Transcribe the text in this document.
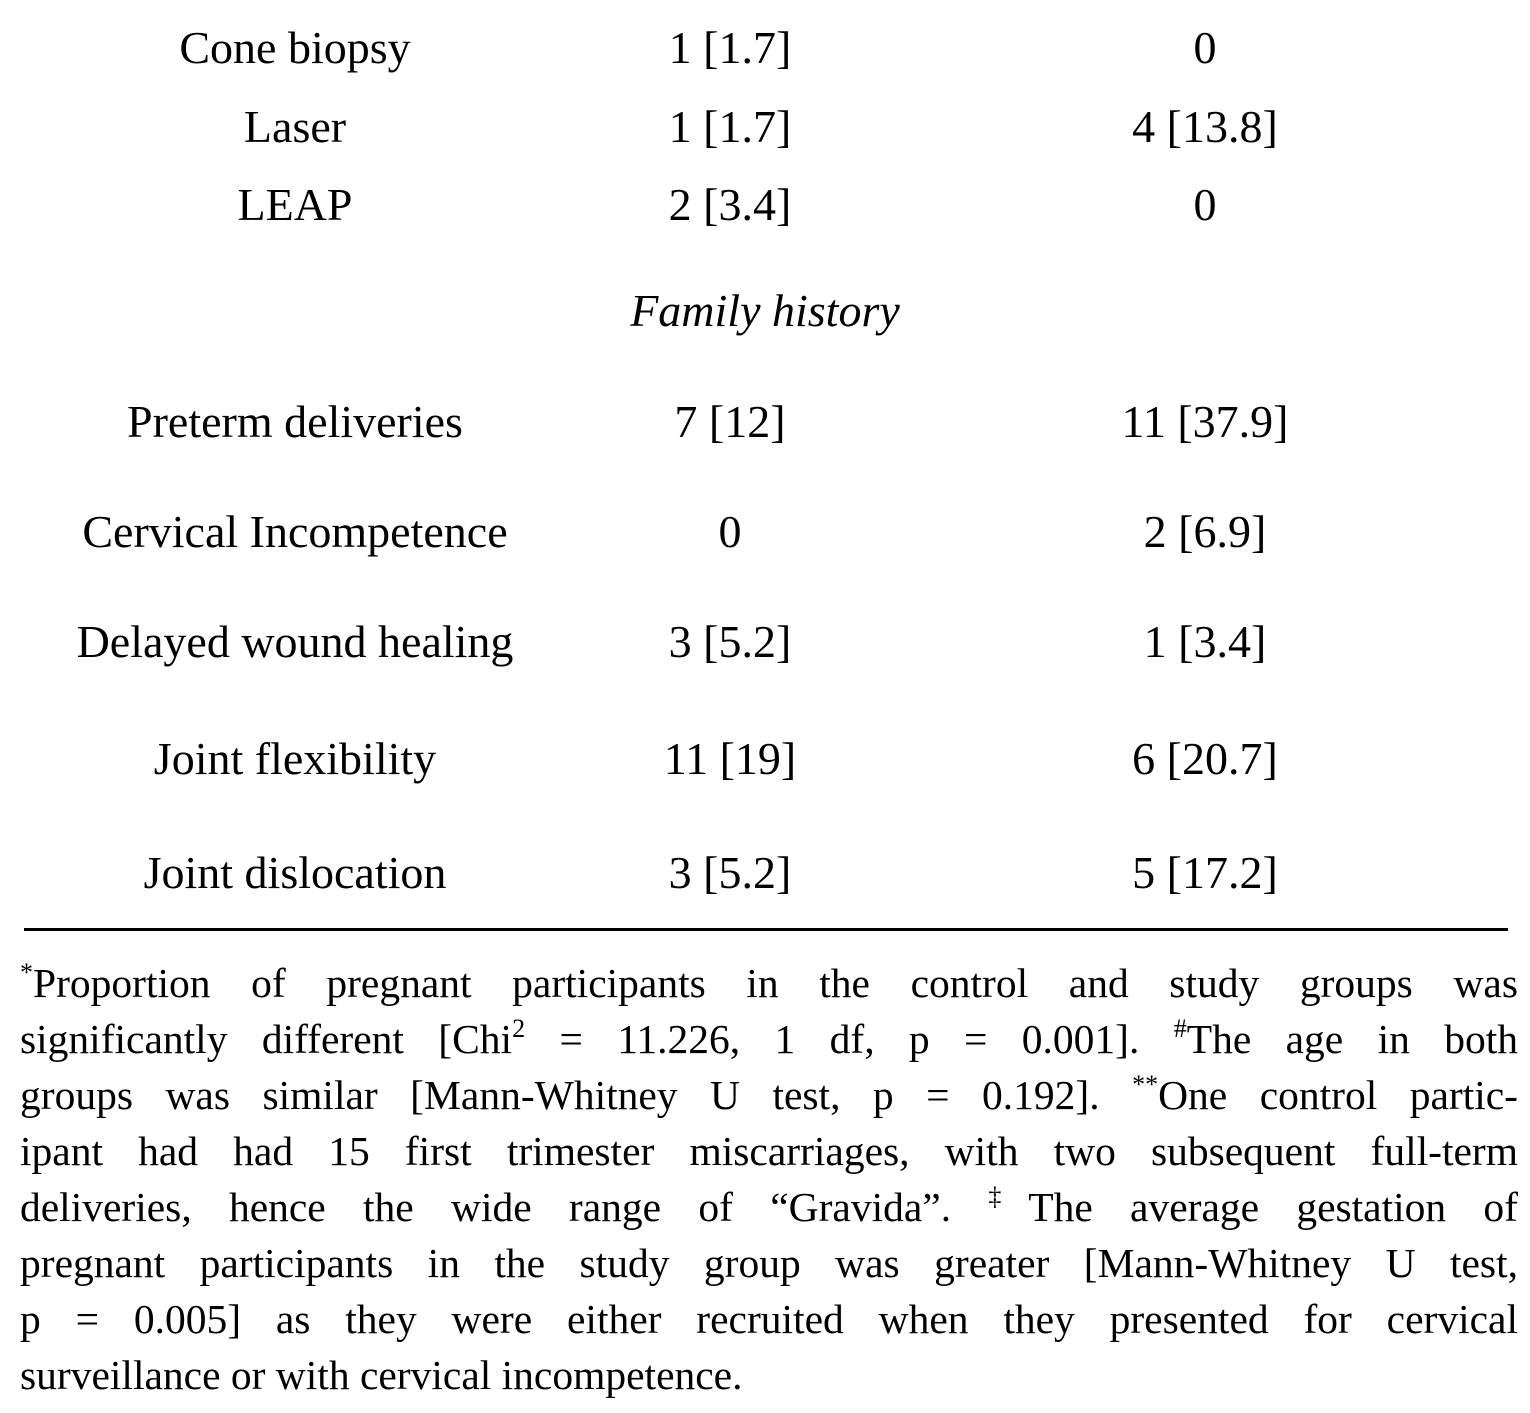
Cone biopsy	1 [1.7]	0
Laser	1 [1.7]	4 [13.8]
LEAP	2 [3.4]	0
Family history
Preterm deliveries	7 [12]	11 [37.9]
Cervical Incompetence	0	2 [6.9]
Delayed wound healing	3 [5.2]	1 [3.4]
Joint flexibility	11 [19]	6 [20.7]
Joint dislocation	3 [5.2]	5 [17.2]
*Proportion of pregnant participants in the control and study groups was
significantly different [Chi$^2$ = 11.226, 1 df, p = 0.001]. #The age in both
groups was similar [Mann-Whitney U test, p = 0.192]. **One control partic-
ipant had had 15 first trimester miscarriages, with two subsequent full-term
deliveries, hence the wide range of “Gravida”. ‡The average gestation of
pregnant participants in the study group was greater [Mann-Whitney U test,
p = 0.005] as they were either recruited when they presented for cervical
surveillance or with cervical incompetence.
